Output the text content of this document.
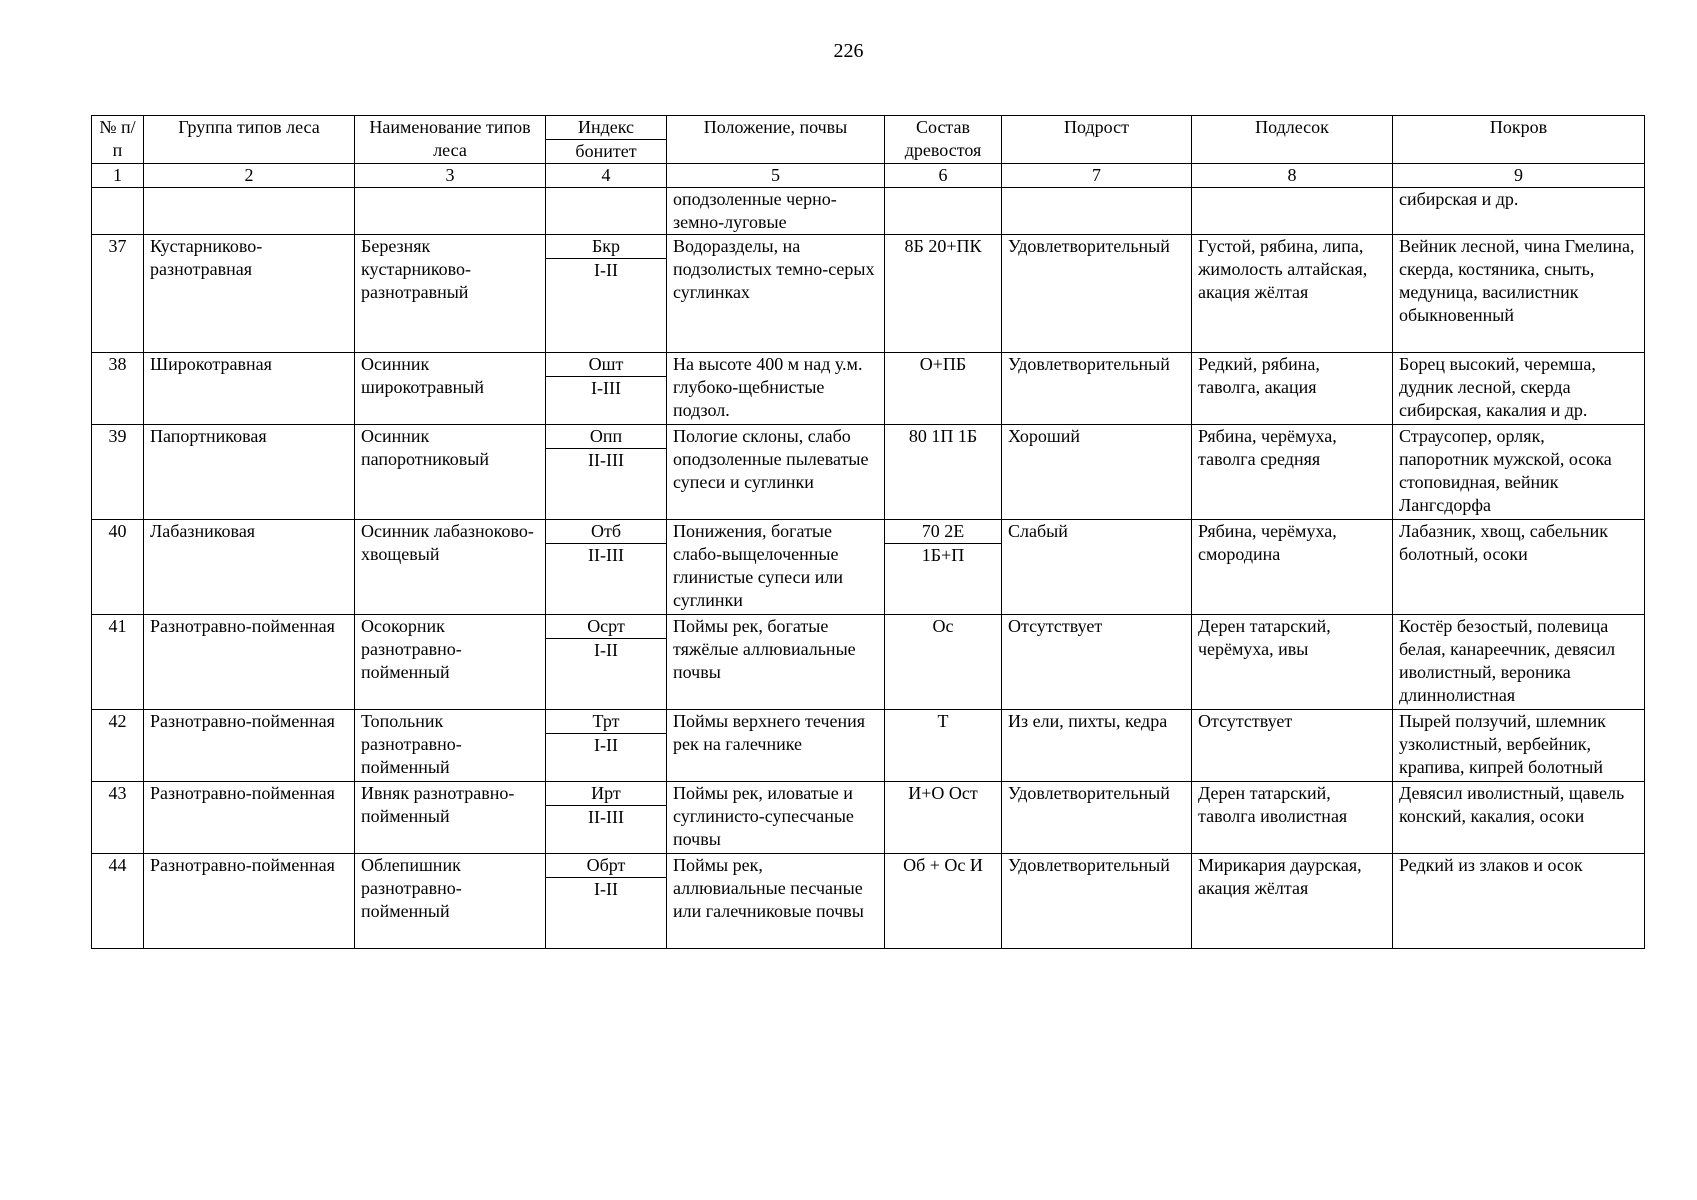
226
№ п/п	Группа типов леса	Наименование типов леса	Индекс	Положение, почвы	Состав древостоя	Подрост	Подлесок	Покров
			бонитет					
1	2	3	4	5	6	7	8	9
				оподзоленные черно-земно-луговые				сибирская и др.
37	Кустарниково-разнотравная	Березняк кустарниково-разнотравный	Бкр	Водоразделы, на подзолистых темно-серых суглинках	8Б 20+ПК	Удовлетворительный	Густой, рябина, липа, жимолость алтайская, акация жёлтая	Вейник лесной, чина Гмелина, скерда, костяника, сныть, медуница, василистник обыкновенный
			I-II					
38	Широкотравная	Осинник широкотравный	Ошт	На высоте 400 м над у.м. глубоко-щебнистые подзол.	О+ПБ	Удовлетворительный	Редкий, рябина, таволга, акация	Борец высокий, черемша, дудник лесной, скерда сибирская, какалия и др.
			I-III					
39	Папортниковая	Осинник папоротниковый	Опп	Пологие склоны, слабо оподзоленные пылеватые супеси и суглинки	80 1П 1Б	Хороший	Рябина, черёмуха, таволга средняя	Страусопер, орляк, папоротник мужской, осока стоповидная, вейник Лангсдорфа
			II-III					
40	Лабазниковая	Осинник лабазноково-хвощевый	Отб	Понижения, богатые слабо-выщелоченные глинистые супеси или суглинки	70 2Е	Слабый	Рябина, черёмуха, смородина	Лабазник, хвощ, сабельник болотный, осоки
			II-III		1Б+П			
41	Разнотравно-пойменная	Осокорник разнотравно-пойменный	Осрт	Поймы рек, богатые тяжёлые аллювиальные почвы	Ос	Отсутствует	Дерен татарский, черёмуха, ивы	Костёр безостый, полевица белая, канареечник, девясил иволистный, вероника длиннолистная
			I-II					
42	Разнотравно-пойменная	Топольник разнотравно-пойменный	Трт	Поймы верхнего течения рек на галечнике	Т	Из ели, пихты, кедра	Отсутствует	Пырей ползучий, шлемник узколистный, вербейник, крапива, кипрей болотный
			I-II					
43	Разнотравно-пойменная	Ивняк разнотравно-пойменный	Ирт	Поймы рек, иловатые и суглинисто-супесчаные почвы	И+О Ост	Удовлетворительный	Дерен татарский, таволга иволистная	Девясил иволистный, щавель конский, какалия, осоки
			II-III					
44	Разнотравно-пойменная	Облепишник разнотравно-пойменный	Обрт	Поймы рек, аллювиальные песчаные или галечниковые почвы	Об + Ос И	Удовлетворительный	Мирикария даурская, акация жёлтая	Редкий из злаков и осок
			I-II					
